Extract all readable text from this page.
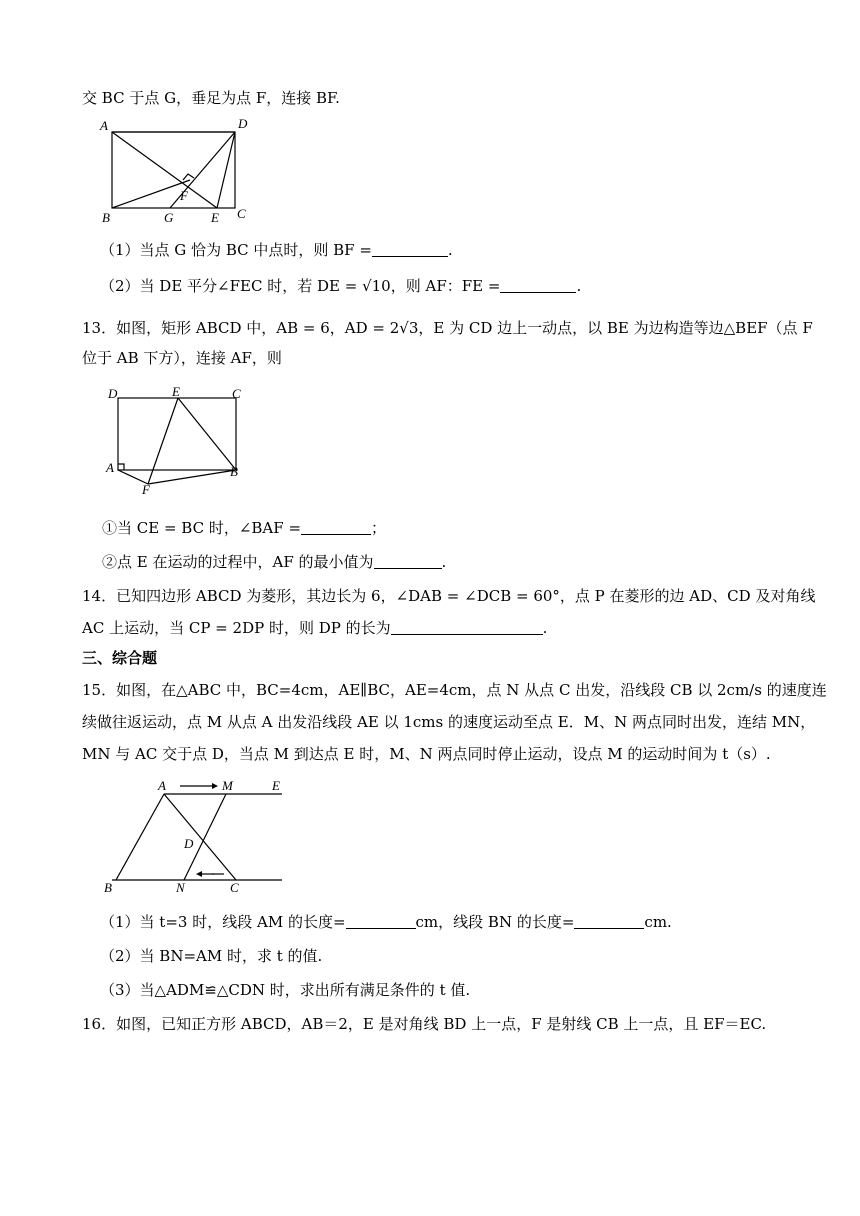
交 BC 于点 G，垂足为点 F，连接 BF.
A	D
B	G	E C
F
（1）当点 G 恰为 BC 中点时，则 BF =	.
（2）当 DE 平分∠FEC 时，若 DE = √10，则 AF：FE =	.
13．如图，矩形 ABCD 中，AB = 6，AD = 2√3，E 为 CD 边上一动点，以 BE 为边构造等边△BEF（点 F
位于 AB 下方），连接 AF，则
D	E	C
A	B
F
①当 CE = BC 时，∠BAF =	；
②点 E 在运动的过程中，AF 的最小值为	.
14．已知四边形 ABCD 为菱形，其边长为 6，∠DAB = ∠DCB = 60°，点 P 在菱形的边 AD、CD 及对角线
AC 上运动，当 CP = 2DP 时，则 DP 的长为	.
三、综合题
15．如图，在△ABC 中，BC=4cm，AE∥BC，AE=4cm，点 N 从点 C 出发，沿线段 CB 以 2cm/s 的速度连
续做往返运动，点 M 从点 A 出发沿线段 AE 以 1cms 的速度运动至点 E．M、N 两点同时出发，连结 MN，
MN 与 AC 交于点 D，当点 M 到达点 E 时，M、N 两点同时停止运动，设点 M 的运动时间为 t（s）.
A	M	E
D
B	N	C
（1）当 t=3 时，线段 AM 的长度=	cm，线段 BN 的长度=	cm.
（2）当 BN=AM 时，求 t 的值.
（3）当△ADM≌△CDN 时，求出所有满足条件的 t 值.
16．如图，已知正方形 ABCD，AB＝2，E 是对角线 BD 上一点，F 是射线 CB 上一点，且 EF＝EC.
